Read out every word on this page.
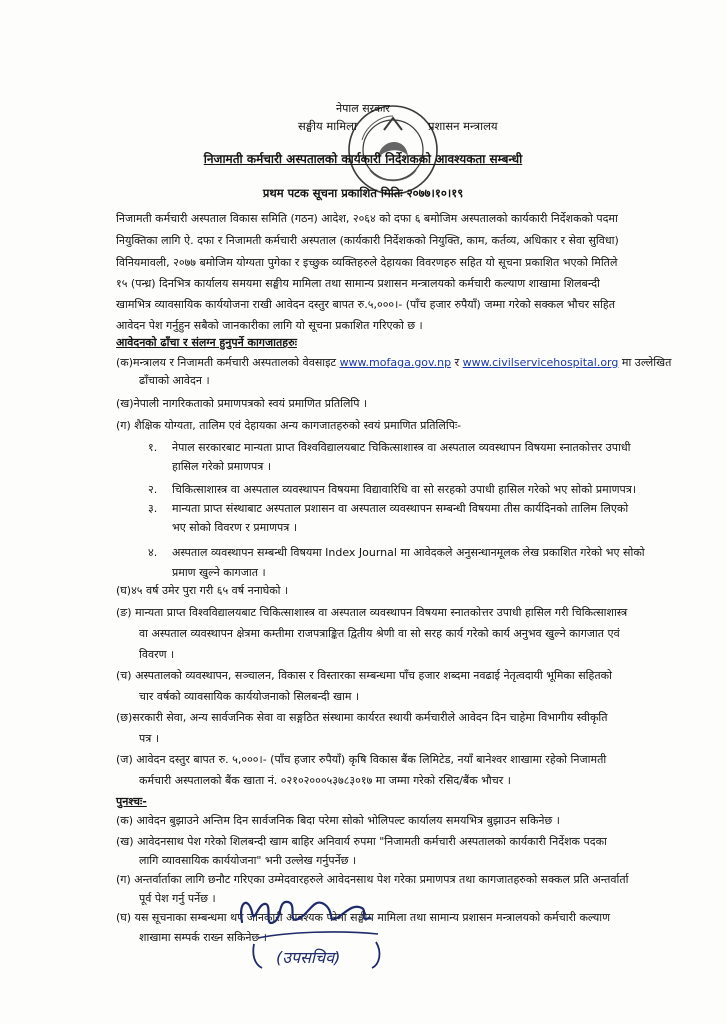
नेपाल सरकार
सङ्घीय मामिला	प्रशासन मन्त्रालय
निजामती कर्मचारी अस्पतालको कार्यकारी निर्देशकको आवश्यकता सम्बन्धी
प्रथम पटक सूचना प्रकाशित मितिः २०७७।१०।१९
निजामती कर्मचारी अस्पताल विकास समिति (गठन) आदेश, २०६४ को दफा ६ बमोजिम अस्पतालको कार्यकारी निर्देशकको पदमा
नियुक्तिका लागि ऐ. दफा र निजामती कर्मचारी अस्पताल (कार्यकारी निर्देशकको नियुक्ति, काम, कर्तव्य, अधिकार र सेवा सुविधा)
विनियमावली, २०७७ बमोजिम योग्यता पुगेका र इच्छुक व्यक्तिहरुले देहायका विवरणहरु सहित यो सूचना प्रकाशित भएको मितिले
१५ (पन्ध्र) दिनभित्र कार्यालय समयमा सङ्घीय मामिला तथा सामान्य प्रशासन मन्त्रालयको कर्मचारी कल्याण शाखामा शिलबन्दी
खामभित्र व्यावसायिक कार्ययोजना राखी आवेदन दस्तुर बापत रु.५,०००।- (पाँच हजार रुपैयाँ) जम्मा गरेको सक्कल भौचर सहित
आवेदन पेश गर्नुहुन सबैको जानकारीका लागि यो सूचना प्रकाशित गरिएको छ ।
आवेदनको ढाँचा र संलग्न हुनुपर्ने कागजातहरुः
(क)मन्त्रालय र निजामती कर्मचारी अस्पतालको वेवसाइट www.mofaga.gov.np र www.civilservicehospital.org मा उल्लेखित
ढाँचाको आवेदन ।
(ख)नेपाली नागरिकताको प्रमाणपत्रको स्वयं प्रमाणित प्रतिलिपि ।
(ग) शैक्षिक योग्यता, तालिम एवं देहायका अन्य कागजातहरुको स्वयं प्रमाणित प्रतिलिपिः-
१. नेपाल सरकारबाट मान्यता प्राप्त विश्वविद्यालयबाट चिकित्साशास्त्र वा अस्पताल व्यवस्थापन विषयमा स्नातकोत्तर उपाधी
हासिल गरेको प्रमाणपत्र ।
२. चिकित्साशास्त्र वा अस्पताल व्यवस्थापन विषयमा विद्यावारिधि वा सो सरहको उपाधी हासिल गरेको भए सोको प्रमाणपत्र।
३. मान्यता प्राप्त संस्थाबाट अस्पताल प्रशासन वा अस्पताल व्यवस्थापन सम्बन्धी विषयमा तीस कार्यदिनको तालिम लिएको
भए सोको विवरण र प्रमाणपत्र ।
४. अस्पताल व्यवस्थापन सम्बन्धी विषयमा Index Journal मा आवेदकले अनुसन्धानमूलक लेख प्रकाशित गरेको भए सोको
प्रमाण खुल्ने कागजात ।
(घ)४५ वर्ष उमेर पुरा गरी ६५ वर्ष ननाघेको ।
(ङ) मान्यता प्राप्त विश्वविद्यालयबाट चिकित्साशास्त्र वा अस्पताल व्यवस्थापन विषयमा स्नातकोत्तर उपाधी हासिल गरी चिकित्साशास्त्र
वा अस्पताल व्यवस्थापन क्षेत्रमा कम्तीमा राजपत्राङ्कित द्वितीय श्रेणी वा सो सरह कार्य गरेको कार्य अनुभव खुल्ने कागजात एवं
विवरण ।
(च) अस्पतालको व्यवस्थापन, सञ्चालन, विकास र विस्तारका सम्बन्धमा पाँच हजार शब्दमा नवढाई नेतृत्वदायी भूमिका सहितको
चार वर्षको व्यावसायिक कार्ययोजनाको सिलबन्दी खाम ।
(छ)सरकारी सेवा, अन्य सार्वजनिक सेवा वा सङ्गठित संस्थामा कार्यरत स्थायी कर्मचारीले आवेदन दिन चाहेमा विभागीय स्वीकृति
पत्र ।
(ज) आवेदन दस्तुर बापत रु. ५,०००।- (पाँच हजार रुपैयाँ) कृषि विकास बैंक लिमिटेड, नयाँ बानेश्वर शाखामा रहेको निजामती
कर्मचारी अस्पतालको बैंक खाता नं. ०२१०२०००५३७८३०१७ मा जम्मा गरेको रसिद/बैंक भौचर ।
पुनश्चः-
(क) आवेदन बुझाउने अन्तिम दिन सार्वजनिक बिदा परेमा सोको भोलिपल्ट कार्यालय समयभित्र बुझाउन सकिनेछ ।
(ख) आवेदनसाथ पेश गरेको शिलबन्दी खाम बाहिर अनिवार्य रुपमा "निजामती कर्मचारी अस्पतालको कार्यकारी निर्देशक पदका
लागि व्यावसायिक कार्ययोजना" भनी उल्लेख गर्नुपर्नेछ ।
(ग) अन्तर्वार्ताका लागि छनौट गरिएका उम्मेदवारहरुले आवेदनसाथ पेश गरेका प्रमाणपत्र तथा कागजातहरुको सक्कल प्रति अन्तर्वार्ता
पूर्व पेश गर्नु पर्नेछ ।
(घ) यस सूचनाका सम्बन्धमा थप जानकारी आवश्यक परेमा सङ्घीय मामिला तथा सामान्य प्रशासन मन्त्रालयको कर्मचारी कल्याण
शाखामा सम्पर्क राख्न सकिनेछ ।
(उपसचिव)
